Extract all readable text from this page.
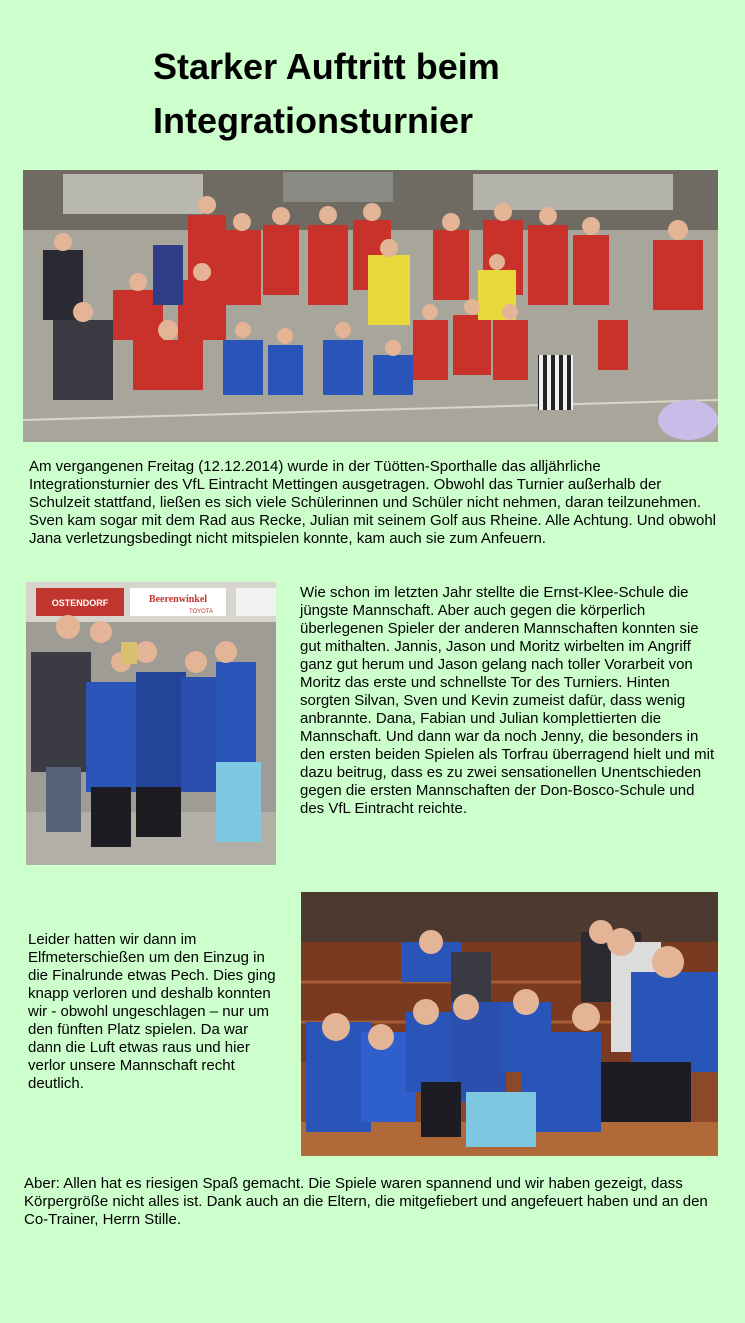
Starker Auftritt beim Integrationsturnier

Am vergangenen Freitag (12.12.2014) wurde in der Tüötten-Sporthalle das alljährliche Integrationsturnier des VfL Eintracht Mettingen ausgetragen. Obwohl das Turnier außerhalb der Schulzeit stattfand, ließen es sich viele Schülerinnen und Schüler nicht nehmen, daran teilzunehmen. Sven kam sogar mit dem Rad aus Recke, Julian mit seinem Golf aus Rheine. Alle Achtung. Und obwohl Jana verletzungsbedingt nicht mitspielen konnte, kam auch sie zum Anfeuern.

OSTENDORF	Beerenwinkel
TOYOTA

Wie schon im letzten Jahr stellte die Ernst-Klee-Schule die jüngste Mannschaft. Aber auch gegen die körperlich überlegenen Spieler der anderen Mannschaften konnten sie gut mithalten. Jannis, Jason und Moritz wirbelten im Angriff ganz gut herum und Jason gelang nach toller Vorarbeit von Moritz das erste und schnellste Tor des Turniers. Hinten sorgten Silvan, Sven und Kevin zumeist dafür, dass wenig anbrannte. Dana, Fabian und Julian komplettierten die Mannschaft. Und dann war da noch Jenny, die besonders in den ersten beiden Spielen als Torfrau überragend hielt und mit dazu beitrug, dass es zu zwei sensationellen Unentschieden gegen die ersten Mannschaften der Don-Bosco-Schule und des VfL Eintracht reichte.

Leider hatten wir dann im Elfmeterschießen um den Einzug in die Finalrunde etwas Pech. Dies ging knapp verloren und deshalb konnten wir - obwohl ungeschlagen – nur um den fünften Platz spielen. Da war dann die Luft etwas raus und hier verlor unsere Mannschaft recht deutlich.

Aber: Allen hat es riesigen Spaß gemacht. Die Spiele waren spannend und wir haben gezeigt, dass Körpergröße nicht alles ist. Dank auch an die Eltern, die mitgefiebert und angefeuert haben und an den Co-Trainer, Herrn Stille.
